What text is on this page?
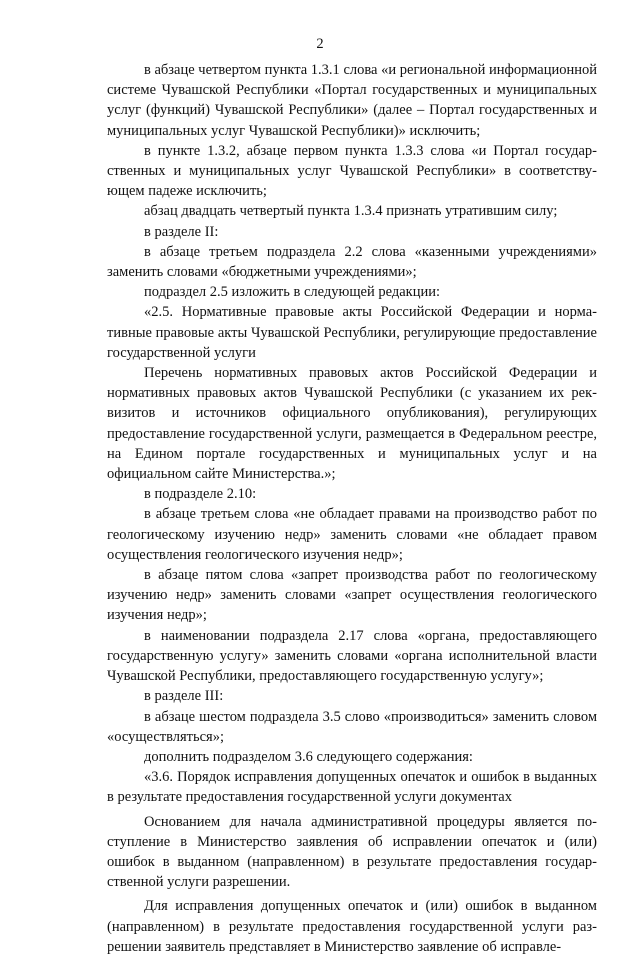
2

в абзаце четвертом пункта 1.3.1 слова «и региональной информационной системе Чувашской Республики «Портал государственных и муниципальных услуг (функций) Чувашской Республики» (далее – Портал государственных и муниципальных услуг Чувашской Республики)» исключить;

в пункте 1.3.2, абзаце первом пункта 1.3.3 слова «и Портал государственных и муниципальных услуг Чувашской Республики» в соответствующем падеже исключить;

абзац двадцать четвертый пункта 1.3.4 признать утратившим силу;

в разделе II:

в абзаце третьем подраздела 2.2 слова «казенными учреждениями» заменить словами «бюджетными учреждениями»;

подраздел 2.5 изложить в следующей редакции:

«2.5. Нормативные правовые акты Российской Федерации и нормативные правовые акты Чувашской Республики, регулирующие предоставление государственной услуги

Перечень нормативных правовых актов Российской Федерации и нормативных правовых актов Чувашской Республики (с указанием их реквизитов и источников официального опубликования), регулирующих предоставление государственной услуги, размещается в Федеральном реестре, на Едином портале государственных и муниципальных услуг и на официальном сайте Министерства.»;

в подразделе 2.10:

в абзаце третьем слова «не обладает правами на производство работ по геологическому изучению недр» заменить словами «не обладает правом осуществления геологического изучения недр»;

в абзаце пятом слова «запрет производства работ по геологическому изучению недр» заменить словами «запрет осуществления геологического изучения недр»;

в наименовании подраздела 2.17 слова «органа, предоставляющего государственную услугу» заменить словами «органа исполнительной власти Чувашской Республики, предоставляющего государственную услугу»;

в разделе III:

в абзаце шестом подраздела 3.5 слово «производиться» заменить словом «осуществляться»;

дополнить подразделом 3.6 следующего содержания:

«3.6. Порядок исправления допущенных опечаток и ошибок в выданных в результате предоставления государственной услуги документах

Основанием для начала административной процедуры является поступление в Министерство заявления об исправлении опечаток и (или) ошибок в выданном (направленном) в результате предоставления государственной услуги разрешении.

Для исправления допущенных опечаток и (или) ошибок в выданном (направленном) в результате предоставления государственной услуги разрешении заявитель представляет в Министерство заявление об исправле-
